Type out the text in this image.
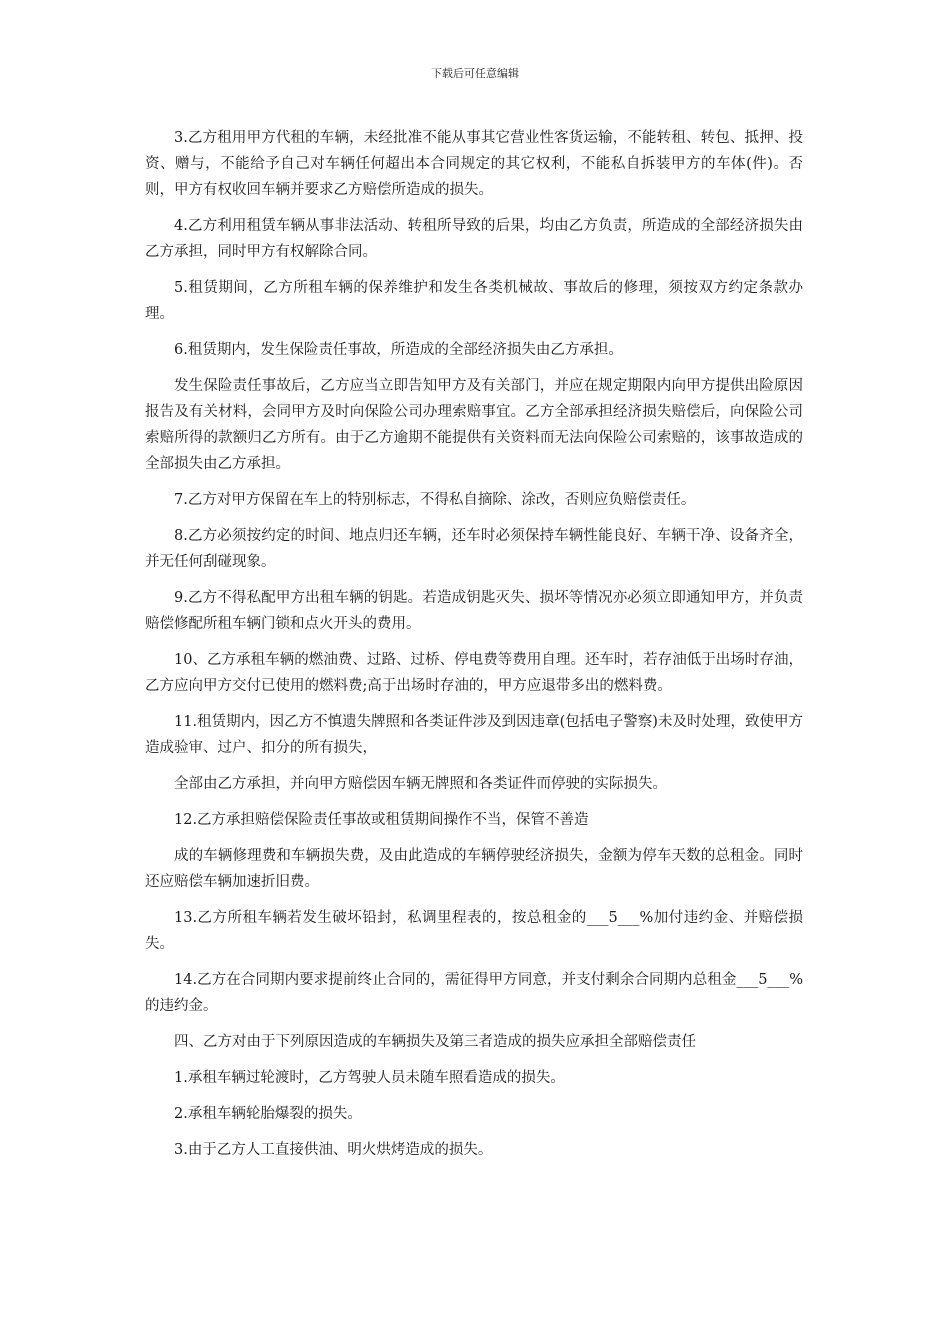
下载后可任意编辑

3.乙方租用甲方代租的车辆，未经批准不能从事其它营业性客货运输，不能转租、转包、抵押、投资、赠与，不能给予自己对车辆任何超出本合同规定的其它权利，不能私自拆装甲方的车体(件)。否则，甲方有权收回车辆并要求乙方赔偿所造成的损失。

4.乙方利用租赁车辆从事非法活动、转租所导致的后果，均由乙方负责，所造成的全部经济损失由乙方承担，同时甲方有权解除合同。

5.租赁期间，乙方所租车辆的保养维护和发生各类机械故、事故后的修理，须按双方约定条款办理。

6.租赁期内，发生保险责任事故，所造成的全部经济损失由乙方承担。

发生保险责任事故后，乙方应当立即告知甲方及有关部门，并应在规定期限内向甲方提供出险原因报告及有关材料，会同甲方及时向保险公司办理索赔事宜。乙方全部承担经济损失赔偿后，向保险公司索赔所得的款额归乙方所有。由于乙方逾期不能提供有关资料而无法向保险公司索赔的，该事故造成的全部损失由乙方承担。

7.乙方对甲方保留在车上的特别标志，不得私自摘除、涂改，否则应负赔偿责任。

8.乙方必须按约定的时间、地点归还车辆，还车时必须保持车辆性能良好、车辆干净、设备齐全，并无任何刮碰现象。

9.乙方不得私配甲方出租车辆的钥匙。若造成钥匙灭失、损坏等情况亦必须立即通知甲方，并负责赔偿修配所租车辆门锁和点火开头的费用。

10、乙方承租车辆的燃油费、过路、过桥、停电费等费用自理。还车时，若存油低于出场时存油，乙方应向甲方交付已使用的燃料费;高于出场时存油的，甲方应退带多出的燃料费。

11.租赁期内，因乙方不慎遗失牌照和各类证件涉及到因违章(包括电子警察)未及时处理，致使甲方造成验审、过户、扣分的所有损失，

全部由乙方承担，并向甲方赔偿因车辆无牌照和各类证件而停驶的实际损失。

12.乙方承担赔偿保险责任事故或租赁期间操作不当，保管不善造

成的车辆修理费和车辆损失费，及由此造成的车辆停驶经济损失，金额为停车天数的总租金。同时还应赔偿车辆加速折旧费。

13.乙方所租车辆若发生破坏铅封，私调里程表的，按总租金的___5___%加付违约金、并赔偿损失。

14.乙方在合同期内要求提前终止合同的，需征得甲方同意，并支付剩余合同期内总租金___5___%的违约金。

四、乙方对由于下列原因造成的车辆损失及第三者造成的损失应承担全部赔偿责任

1.承租车辆过轮渡时，乙方驾驶人员未随车照看造成的损失。

2.承租车辆轮胎爆裂的损失。

3.由于乙方人工直接供油、明火烘烤造成的损失。
